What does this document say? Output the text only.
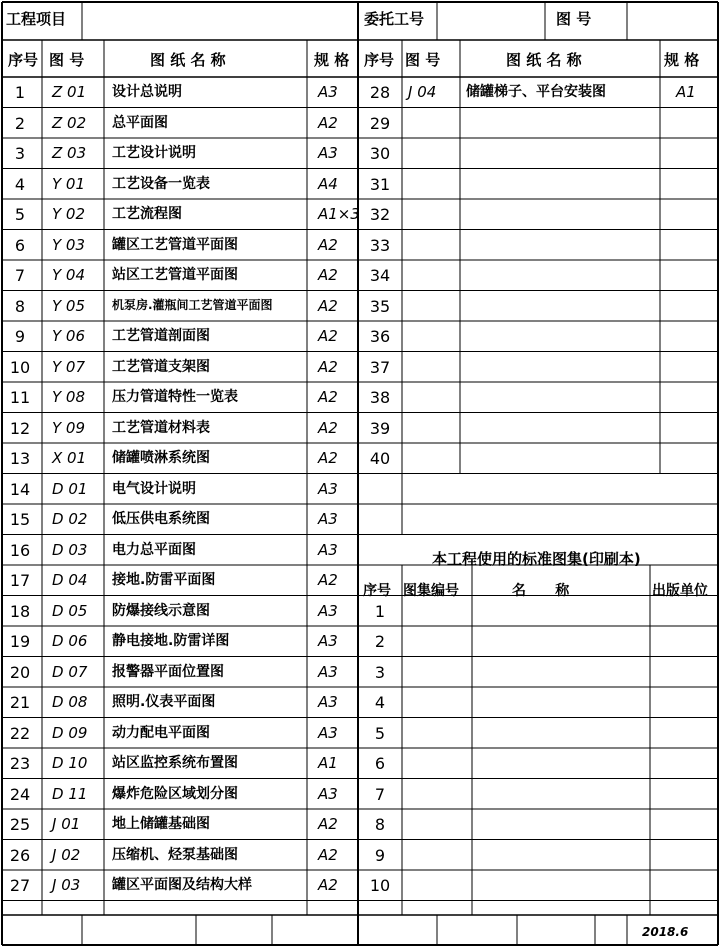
工程项目	委托工号	图 号
序号 图 号	图 纸 名 称	规 格 序号 图 号	图 纸 名 称	规 格
1	Z 01 设计总说明	A3
2	Z 02 总平面图	A2
3	Z 03 工艺设计说明	A3
4	Y 01 工艺设备一览表	A4
5	Y 02 工艺流程图	A1×3
6	Y 03 罐区工艺管道平面图	A2
7	Y 04 站区工艺管道平面图	A2
8	Y 05 机泵房.灌瓶间工艺管道平面图	A2
9	Y 06 工艺管道剖面图	A2
10	Y 07 工艺管道支架图	A2
11	Y 08 压力管道特性一览表	A2
12	Y 09 工艺管道材料表	A2
13	X 01 储罐喷淋系统图	A2
14	D 01 电气设计说明	A3
15	D 02 低压供电系统图	A3
16	D 03 电力总平面图	A3
17	D 04 接地.防雷平面图	A2
18	D 05 防爆接线示意图	A3
19	D 06 静电接地.防雷详图	A3
20	D 07 报警器平面位置图	A3
21	D 08 照明.仪表平面图	A3
22	D 09 动力配电平面图	A3
23	D 10 站区监控系统布置图	A1
24	D 11 爆炸危险区域划分图	A3
25	J 01 地上储罐基础图	A2
26	J 02 压缩机、烃泵基础图	A2
27	J 03 罐区平面图及结构大样	A2
28	J 04 储罐梯子、平台安装图	A1
29
30
31
32
33
34
35
36
37
38
39
40
本工程使用的标准图集(印刷本)
序号 图集编号	名      称	出版单位
1
2
3
4
5
6
7
8
9
10
2018.6
